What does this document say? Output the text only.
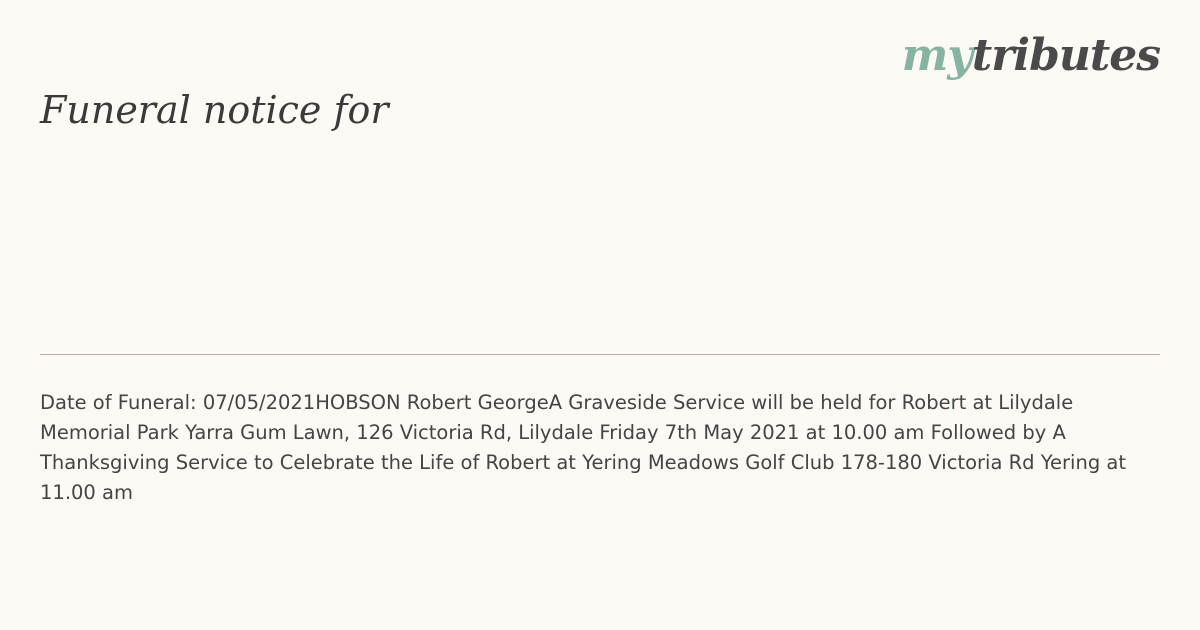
mytributes
Funeral notice for

Date of Funeral: 07/05/2021HOBSON Robert GeorgeA Graveside Service will be held for Robert at Lilydale Memorial Park Yarra Gum Lawn, 126 Victoria Rd, Lilydale Friday 7th May 2021 at 10.00 am Followed by A Thanksgiving Service to Celebrate the Life of Robert at Yering Meadows Golf Club 178-180 Victoria Rd Yering at 11.00 am
